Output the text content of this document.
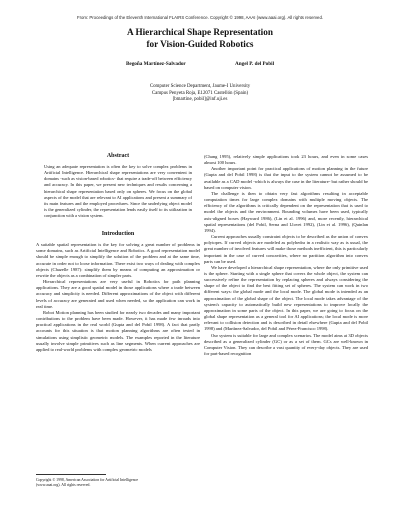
From: Proceedings of the Eleventh International FLAIRS Conference. Copyright © 1998, AAAI (www.aaai.org). All rights reserved.
A Hierarchical Shape Representation
for Vision-Guided Robotics
Begoña Martínez-Salvador	Angel P. del Pobil
Computer Science Department, Jaume-I University
Campus Penyeta Roja, E12071 Castellón (Spain)
[bmartine, pobil]@inf.uji.es
Abstract
Using an adequate representation is often the key to solve complex problems in Artificial Intelligence. Hierarchical shape representations are very convenient in domains -such as vision-based robotics- that require a trade-off between efficiency and accuracy. In this paper, we present new techniques and results concerning a hierarchical shape representation based only on spheres. We focus on the global aspects of the model that are relevant to AI applications and present a summary of its main features and the employed procedures. Since the underlying object model is the generalized cylinder, the representation lends easily itself to its utilization in conjunction with a vision system.
Introduction

A suitable spatial representation is the key for solving a great number of problems in some domains, such as Artificial Intelligence and Robotics. A good representation model should be simple enough to simplify the solution of the problem and at the same time, accurate in order not to loose information. There exist two ways of dealing with complex objects (Chazelle 1987): simplify them by means of computing an approximation or rewrite the objects as a combination of simpler parts.

Hierarchical representations are very useful in Robotics for path planning applications. They are a good spatial model in those applications where a trade between accuracy and simplicity is needed. Different approximations of the object with different levels of accuracy are generated and used when needed, so the application can work in real time.

Robot Motion planning has been studied for nearly two decades and many important contributions to the problem have been made. However, it has made few inroads into practical applications in the real world (Gupta and del Pobil 1998). A fact that partly accounts for this situation is that motion planning algorithms are often tested in simulations using simplistic geometric models. The examples reported in the literature usually involve simple primitives such as line segments. When current approaches are applied to real-world problems with complex geometric models

(Chang 1995), relatively simple applications took 23 hours, and even in some cases almost 100 hours.

Another important point for practical applications of motion planning in the future (Gupta and del Pobil 1998) is that the input to the system cannot be assumed to be available as a CAD model -which is always the case in the literature- but rather should be based on computer vision.

The challenge is then to obtain very fast algorithms resulting in acceptable computation times for large complex domains with multiple moving objects. The efficiency of the algorithms is critically dependent on the representation that is used to model the objects and the environment. Bounding volumes have been used, typically axis-aligned boxes (Hayward 1986), (Lin et al. 1996) and, more recently, hierarchical spatial representations (del Pobil, Serna and Llovet 1992), (Lin et al. 1996), (Quinlan 1994).

Current approaches usually constraint objects to be described as the union of convex polytopes. If curved objects are modeled as polyhedra in a realistic way as is usual, the great number of involved features will make those methods inefficient, this is particularly important in the case of curved concavities, where no partition algorithm into convex parts can be used.

We have developed a hierarchical shape representation, where the only primitive used is the sphere. Starting with a single sphere that covers the whole object, the system can successively refine the representation by replacing spheres and always considering the shape of the object to find the best fitting set of spheres. The system can work in two different ways: the global mode and the local mode. The global mode is intended as an approximation of the global shape of the object. The local mode takes advantage of the system's capacity to automatically build new representations to improve locally the approximation in some parts of the object. In this paper, we are going to focus on the global shape representation as a general tool for AI applications; the local mode is more relevant to collision detection and is described in detail elsewhere (Gupta and del Pobil 1998) and (Martínez-Salvador, del Pobil and Pérez-Francisco 1998).

Our system is suitable for large and complex scenarios. The model aims at 3D objects described as a generalized cylinder (GC) or as a set of them. GCs are well-known in Computer Vision. They can describe a vast quantity of every-day objects. They are used for part-based recognition

Copyright © 1998, American Association for Artificial Intelligence
(www.aaai.org). All rights reserved.
